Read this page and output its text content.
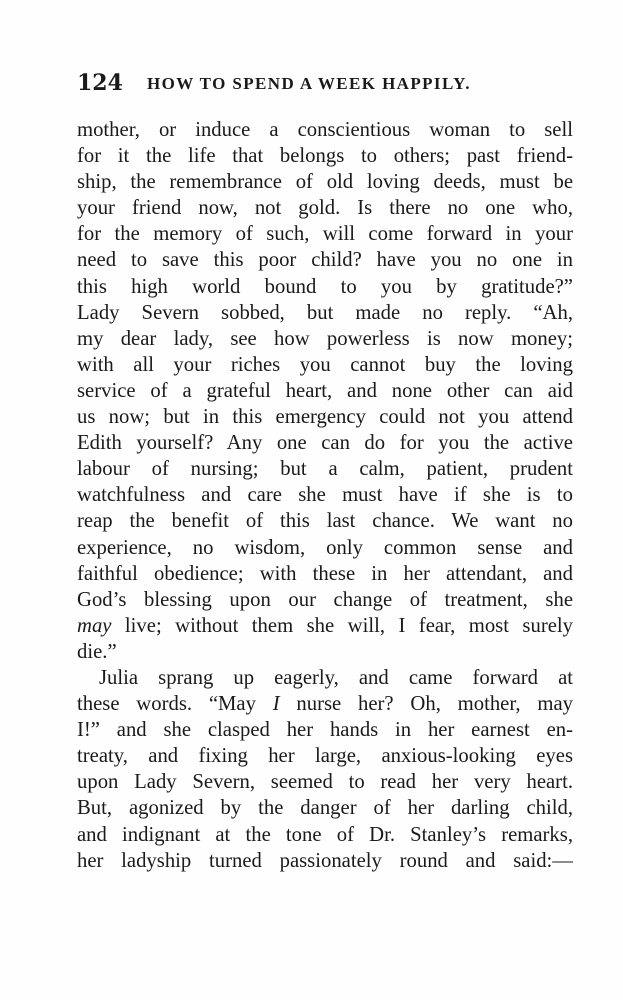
124 HOW TO SPEND A WEEK HAPPILY.
mother, or induce a conscientious woman to sell
for it the life that belongs to others; past friend-
ship, the remembrance of old loving deeds, must be
your friend now, not gold. Is there no one who,
for the memory of such, will come forward in your
need to save this poor child? have you no one in
this high world bound to you by gratitude?”
Lady Severn sobbed, but made no reply. “Ah,
my dear lady, see how powerless is now money;
with all your riches you cannot buy the loving
service of a grateful heart, and none other can aid
us now; but in this emergency could not you attend
Edith yourself? Any one can do for you the active
labour of nursing; but a calm, patient, prudent
watchfulness and care she must have if she is to
reap the benefit of this last chance. We want no
experience, no wisdom, only common sense and
faithful obedience; with these in her attendant, and
God’s blessing upon our change of treatment, she
may live; without them she will, I fear, most surely
die.”
Julia sprang up eagerly, and came forward at
these words. “May I nurse her? Oh, mother, may
I!” and she clasped her hands in her earnest en-
treaty, and fixing her large, anxious-looking eyes
upon Lady Severn, seemed to read her very heart.
But, agonized by the danger of her darling child,
and indignant at the tone of Dr. Stanley’s remarks,
her ladyship turned passionately round and said:—
